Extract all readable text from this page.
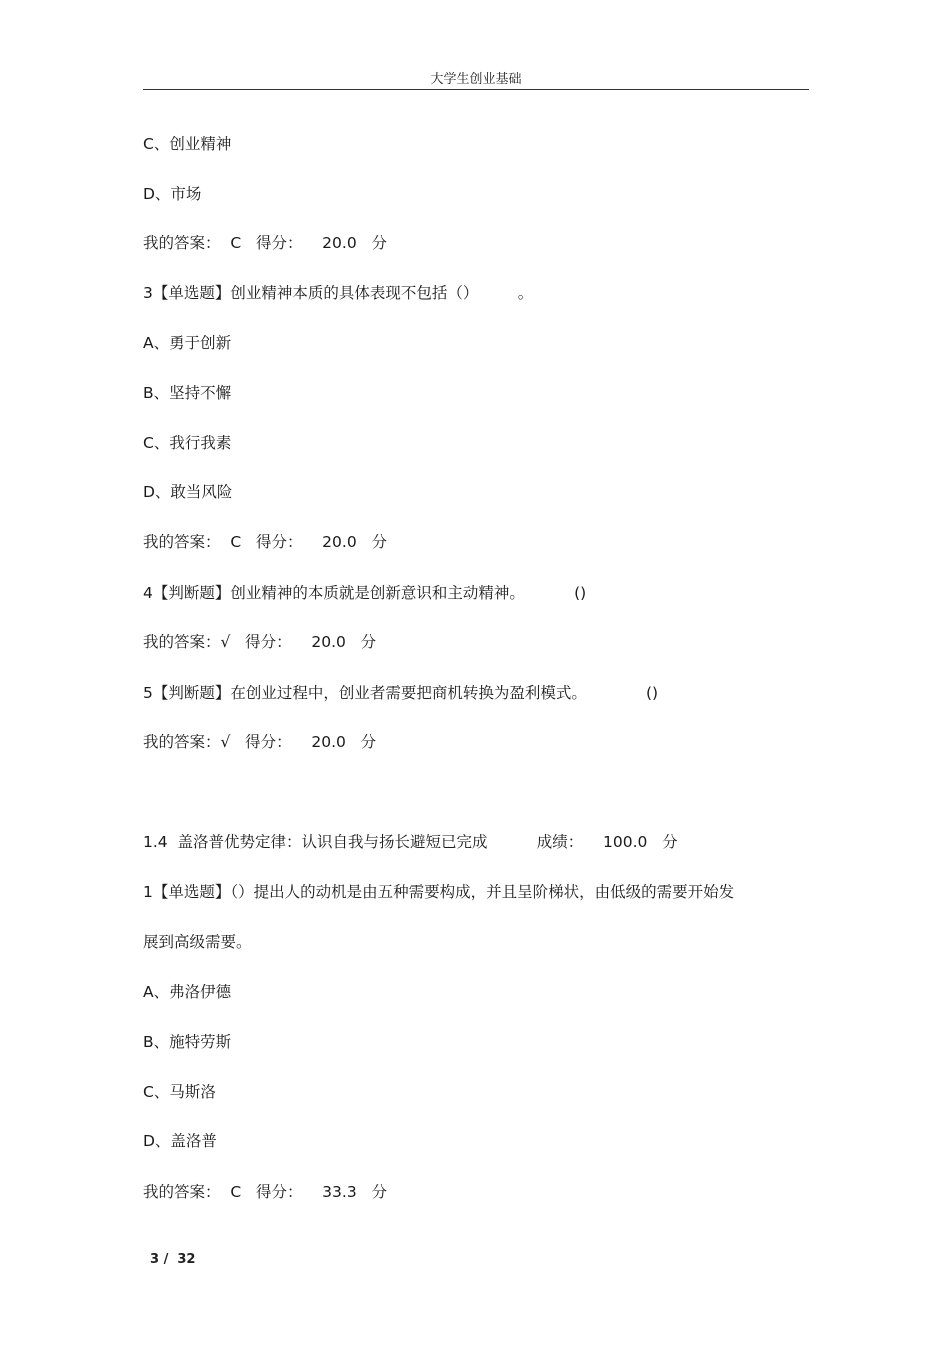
大学生创业基础
C、创业精神
D、市场
我的答案：  C   得分：    20.0   分
3【单选题】创业精神本质的具体表现不包括（）        。
A、勇于创新
B、坚持不懈
C、我行我素
D、敢当风险
我的答案：  C   得分：    20.0   分
4【判断题】创业精神的本质就是创新意识和主动精神。          ()
我的答案：√   得分：    20.0   分
5【判断题】在创业过程中，创业者需要把商机转换为盈利模式。            ()
我的答案：√   得分：    20.0   分
1.4  盖洛普优势定律：认识自我与扬长避短已完成          成绩：    100.0   分
1【单选题】（）提出人的动机是由五种需要构成，并且呈阶梯状，由低级的需要开始发
展到高级需要。
A、弗洛伊德
B、施特劳斯
C、马斯洛
D、盖洛普
我的答案：  C   得分：    33.3   分
3 /  32
